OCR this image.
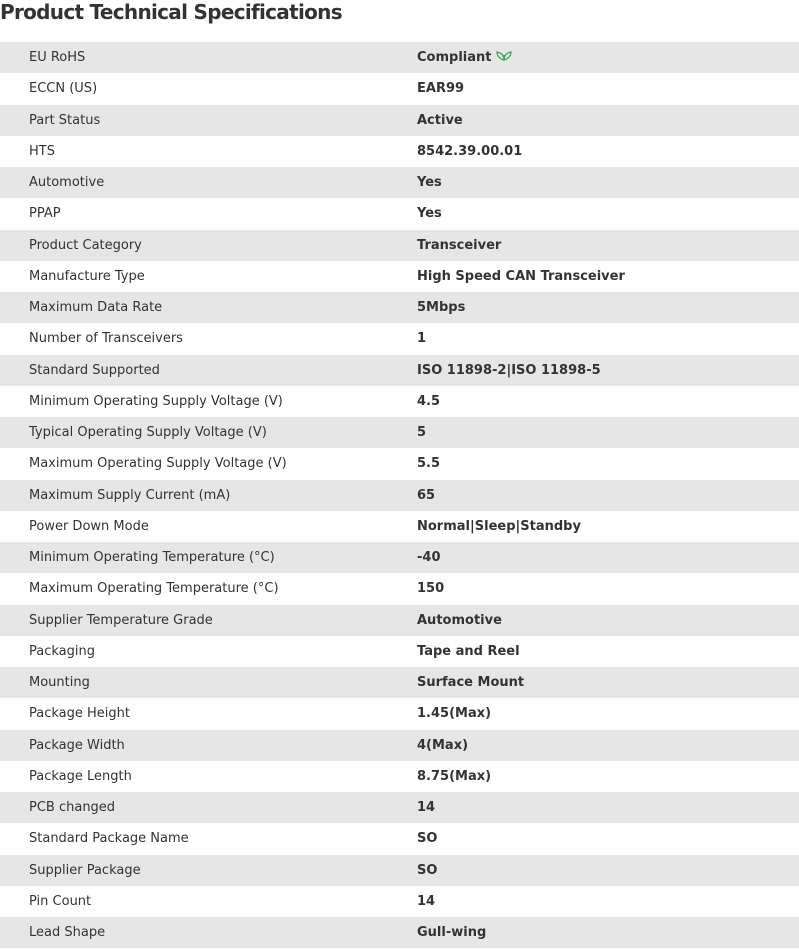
Product Technical Specifications
EU RoHS	Compliant
ECCN (US)	EAR99
Part Status	Active
HTS	8542.39.00.01
Automotive	Yes
PPAP	Yes
Product Category	Transceiver
Manufacture Type	High Speed CAN Transceiver
Maximum Data Rate	5Mbps
Number of Transceivers	1
Standard Supported	ISO 11898-2|ISO 11898-5
Minimum Operating Supply Voltage (V)	4.5
Typical Operating Supply Voltage (V)	5
Maximum Operating Supply Voltage (V)	5.5
Maximum Supply Current (mA)	65
Power Down Mode	Normal|Sleep|Standby
Minimum Operating Temperature (°C)	-40
Maximum Operating Temperature (°C)	150
Supplier Temperature Grade	Automotive
Packaging	Tape and Reel
Mounting	Surface Mount
Package Height	1.45(Max)
Package Width	4(Max)
Package Length	8.75(Max)
PCB changed	14
Standard Package Name	SO
Supplier Package	SO
Pin Count	14
Lead Shape	Gull-wing
